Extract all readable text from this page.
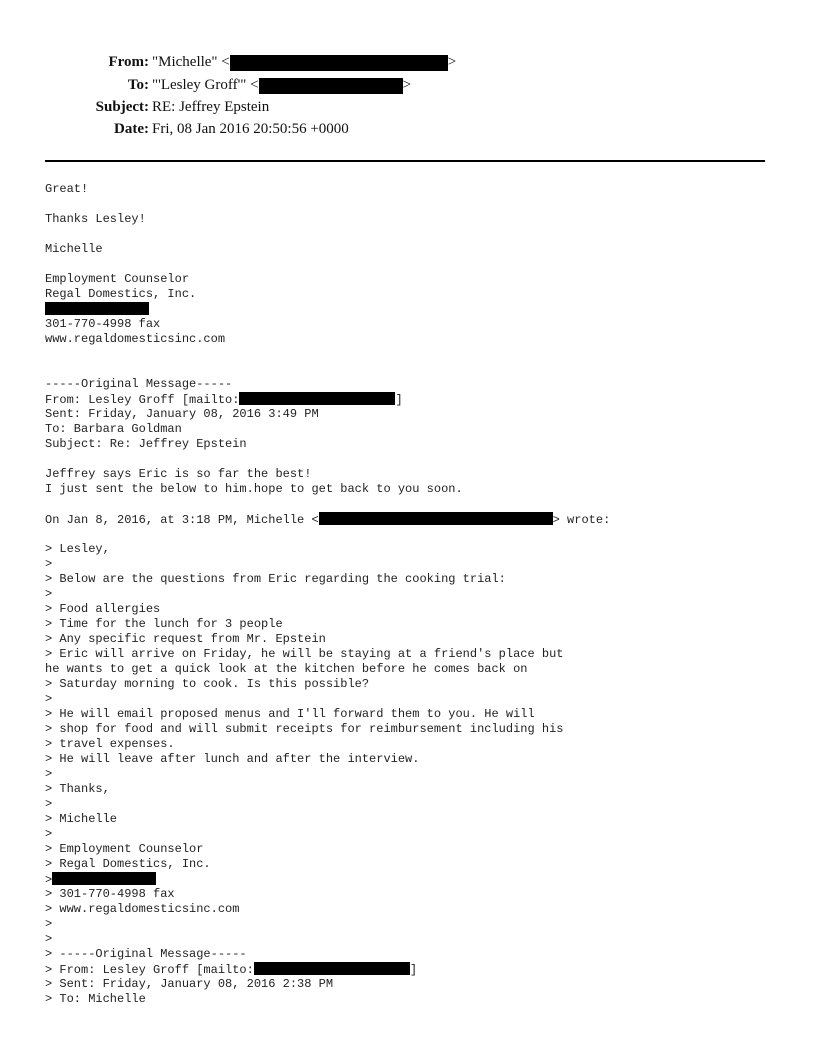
From: "Michelle" <	>
To: "'Lesley Groff'" <	>
Subject: RE: Jeffrey Epstein
Date: Fri, 08 Jan 2016 20:50:56 +0000

Great!

Thanks Lesley!

Michelle

Employment Counselor

Regal Domestics, Inc.

301-770-4998 fax

www.regaldomesticsinc.com

-----Original Message-----

From: Lesley Groff [mailto:	]

Sent: Friday, January 08, 2016 3:49 PM

To: Barbara Goldman

Subject: Re: Jeffrey Epstein

Jeffrey says Eric is so far the best!

I just sent the below to him.hope to get back to you soon.

On Jan 8, 2016, at 3:18 PM, Michelle <	> wrote:

> Lesley,

>

> Below are the questions from Eric regarding the cooking trial:

>

> Food allergies

> Time for the lunch for 3 people

> Any specific request from Mr. Epstein

> Eric will arrive on Friday, he will be staying at a friend's place but

he wants to get a quick look at the kitchen before he comes back on

> Saturday morning to cook. Is this possible?

>

> He will email proposed menus and I'll forward them to you. He will

> shop for food and will submit receipts for reimbursement including his

> travel expenses.

> He will leave after lunch and after the interview.

>

> Thanks,

>

> Michelle

>

> Employment Counselor

> Regal Domestics, Inc.

>

> 301-770-4998 fax

> www.regaldomesticsinc.com

>

>

> -----Original Message-----

> From: Lesley Groff [mailto:	]

> Sent: Friday, January 08, 2016 2:38 PM

> To: Michelle
